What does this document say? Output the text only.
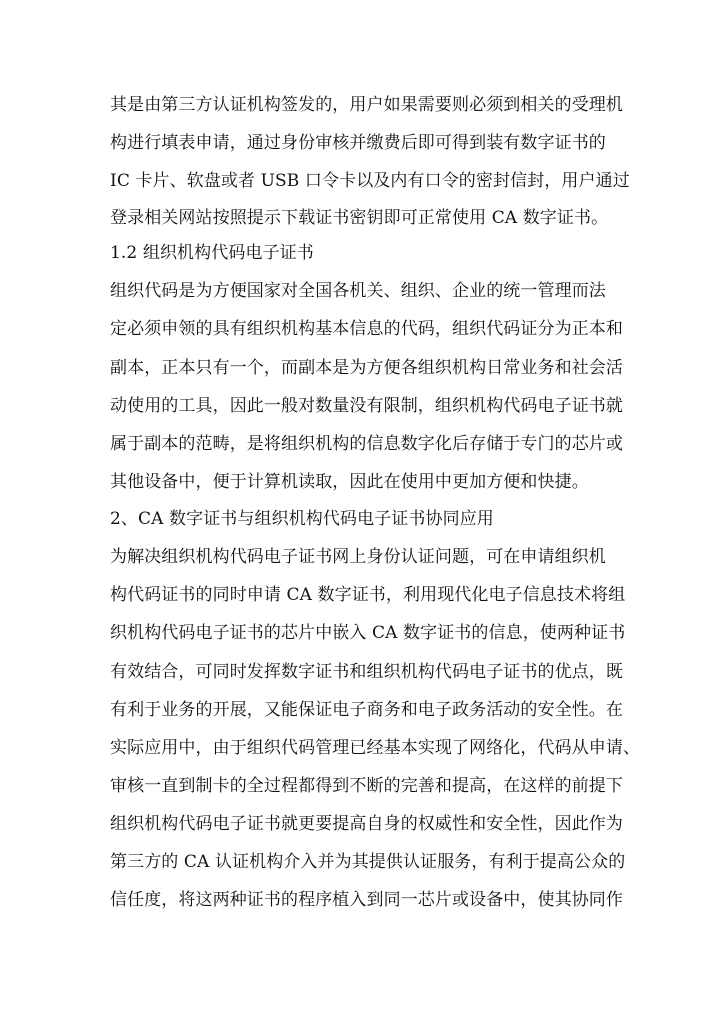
其是由第三方认证机构签发的，用户如果需要则必须到相关的受理机
构进行填表申请，通过身份审核并缴费后即可得到装有数字证书的
IC 卡片、软盘或者 USB 口令卡以及内有口令的密封信封，用户通过
登录相关网站按照提示下载证书密钥即可正常使用 CA 数字证书。
1.2 组织机构代码电子证书
组织代码是为方便国家对全国各机关、组织、企业的统一管理而法
定必须申领的具有组织机构基本信息的代码，组织代码证分为正本和
副本，正本只有一个，而副本是为方便各组织机构日常业务和社会活
动使用的工具，因此一般对数量没有限制，组织机构代码电子证书就
属于副本的范畴，是将组织机构的信息数字化后存储于专门的芯片或
其他设备中，便于计算机读取，因此在使用中更加方便和快捷。
2、CA 数字证书与组织机构代码电子证书协同应用
为解决组织机构代码电子证书网上身份认证问题，可在申请组织机
构代码证书的同时申请 CA 数字证书，利用现代化电子信息技术将组
织机构代码电子证书的芯片中嵌入 CA 数字证书的信息，使两种证书
有效结合，可同时发挥数字证书和组织机构代码电子证书的优点，既
有利于业务的开展，又能保证电子商务和电子政务活动的安全性。在
实际应用中，由于组织代码管理已经基本实现了网络化，代码从申请、
审核一直到制卡的全过程都得到不断的完善和提高，在这样的前提下
组织机构代码电子证书就更要提高自身的权威性和安全性，因此作为
第三方的 CA 认证机构介入并为其提供认证服务，有利于提高公众的
信任度，将这两种证书的程序植入到同一芯片或设备中，使其协同作
